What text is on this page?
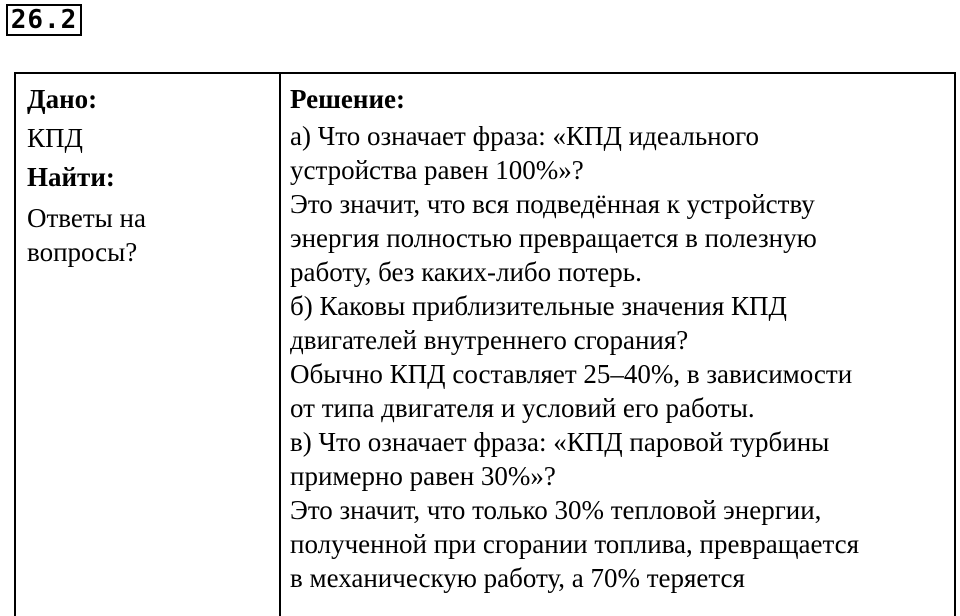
26.2
Дано:
КПД
Найти:
Ответы на
вопросы?
Решение:
а) Что означает фраза: «КПД идеального
устройства равен 100%»?
Это значит, что вся подведённая к устройству
энергия полностью превращается в полезную
работу, без каких-либо потерь.
б) Каковы приблизительные значения КПД
двигателей внутреннего сгорания?
Обычно КПД составляет 25–40%, в зависимости
от типа двигателя и условий его работы.
в) Что означает фраза: «КПД паровой турбины
примерно равен 30%»?
Это значит, что только 30% тепловой энергии,
полученной при сгорании топлива, превращается
в механическую работу, а 70% теряется
